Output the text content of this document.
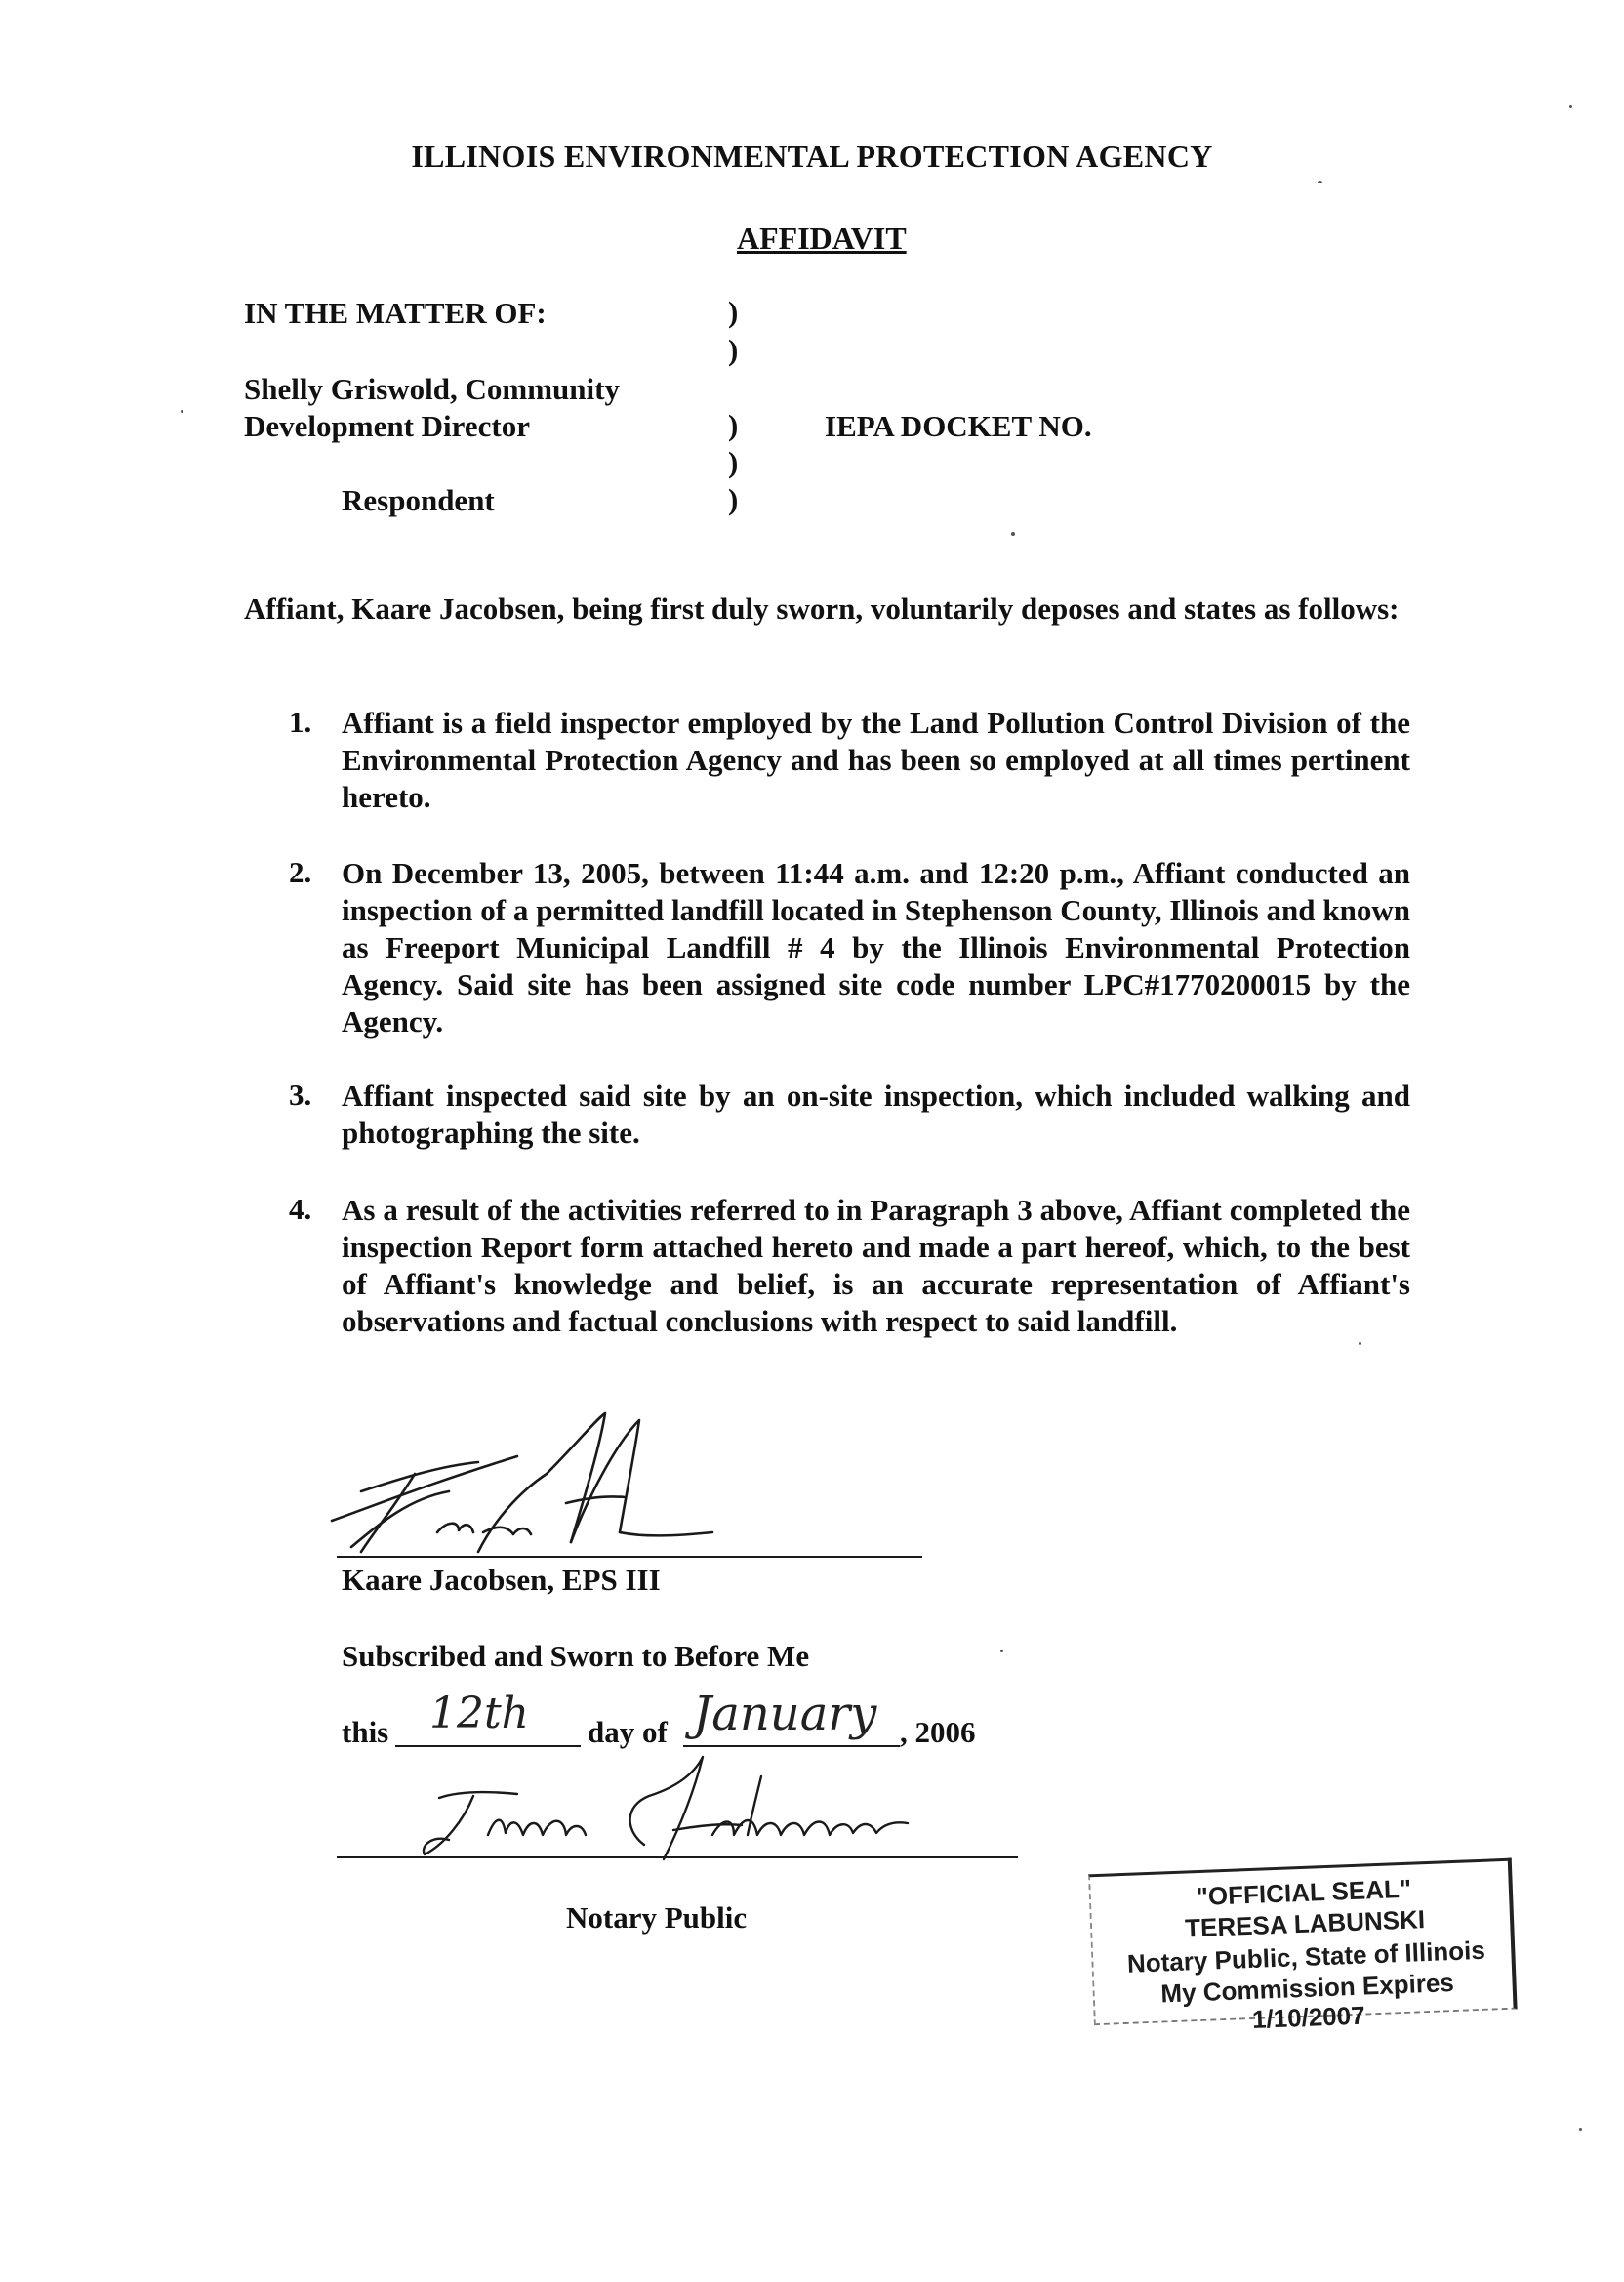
ILLINOIS ENVIRONMENTAL PROTECTION AGENCY
AFFIDAVIT
IN THE MATTER OF:
Shelly Griswold, Community
Development Director
Respondent
IEPA DOCKET NO.
)
)
)
)
)
Affiant, Kaare Jacobsen, being first duly sworn, voluntarily deposes and states as follows:
1. Affiant is a field inspector employed by the Land Pollution Control Division of the Environmental Protection Agency and has been so employed at all times pertinent hereto.
2. On December 13, 2005, between 11:44 a.m. and 12:20 p.m., Affiant conducted an inspection of a permitted landfill located in Stephenson County, Illinois and known as Freeport Municipal Landfill # 4 by the Illinois Environmental Protection Agency. Said site has been assigned site code number LPC#1770200015 by the Agency.
3. Affiant inspected said site by an on-site inspection, which included walking and photographing the site.
4. As a result of the activities referred to in Paragraph 3 above, Affiant completed the inspection Report form attached hereto and made a part hereof, which, to the best of Affiant's knowledge and belief, is an accurate representation of Affiant's observations and factual conclusions with respect to said landfill.
Kaare Jacobsen, EPS III
Subscribed and Sworn to Before Me
this 12th day of January , 2006
Notary Public
"OFFICIAL SEAL"
TERESA LABUNSKI
Notary Public, State of Illinois
My Commission Expires 1/10/2007
